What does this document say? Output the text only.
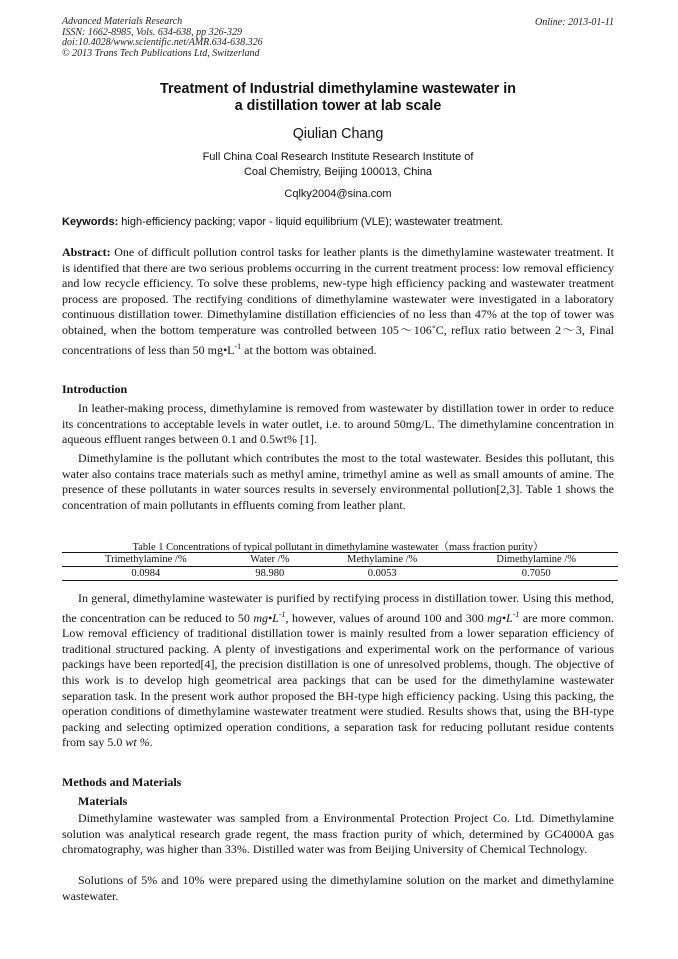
Advanced Materials Research
ISSN: 1662-8985, Vols. 634-638, pp 326-329
doi:10.4028/www.scientific.net/AMR.634-638.326
© 2013 Trans Tech Publications Ltd, Switzerland
Online: 2013-01-11
Treatment of Industrial dimethylamine wastewater in
a distillation tower at lab scale
Qiulian Chang
Full China Coal Research Institute Research Institute of
Coal Chemistry, Beijing 100013, China
Cqlky2004@sina.com
Keywords: high-efficiency packing; vapor - liquid equilibrium (VLE); wastewater treatment.
Abstract: One of difficult pollution control tasks for leather plants is the dimethylamine wastewater treatment. It is identified that there are two serious problems occurring in the current treatment process: low removal efficiency and low recycle efficiency. To solve these problems, new-type high efficiency packing and wastewater treatment process are proposed. The rectifying conditions of dimethylamine wastewater were investigated in a laboratory continuous distillation tower. Dimethylamine distillation efficiencies of no less than 47% at the top of tower was obtained, when the bottom temperature was controlled between 105～106˚C, reflux ratio between 2～3, Final concentrations of less than 50 $mg•L^{-1}$ at the bottom was obtained.
Introduction
In leather-making process, dimethylamine is removed from wastewater by distillation tower in order to reduce its concentrations to acceptable levels in water outlet, i.e. to around 50mg/L. The dimethylamine concentration in aqueous effluent ranges between 0.1 and 0.5wt% [1].
Dimethylamine is the pollutant which contributes the most to the total wastewater. Besides this pollutant, this water also contains trace materials such as methyl amine, trimethyl amine as well as small amounts of amine. The presence of these pollutants in water sources results in seversely environmental pollution[2,3]. Table 1 shows the concentration of main pollutants in effluents coming from leather plant.
Table 1 Concentrations of typical pollutant in dimethylamine wastewater（mass fraction purity）
Trimethylamine /%	Water /%	Methylamine /%	Dimethylamine /%
0.0984	98.980	0.0053	0.7050
In general, dimethylamine wastewater is purified by rectifying process in distillation tower. Using this method, the concentration can be reduced to 50 $mg•L^{-1}$, however, values of around 100 and 300 $mg•L^{-1}$ are more common. Low removal efficiency of traditional distillation tower is mainly resulted from a lower separation efficiency of traditional structured packing. A plenty of investigations and experimental work on the performance of various packings have been reported[4], the precision distillation is one of unresolved problems, though. The objective of this work is to develop high geometrical area packings that can be used for the dimethylamine wastewater separation task. In the present work author proposed the BH-type high efficiency packing. Using this packing, the operation conditions of dimethylamine wastewater treatment were studied. Results shows that, using the BH-type packing and selecting optimized operation conditions, a separation task for reducing pollutant residue contents from say 5.0 wt %.
Methods and Materials
Materials
Dimethylamine wastewater was sampled from a Environmental Protection Project Co. Ltd. Dimethylamine solution was analytical research grade regent, the mass fraction purity of which, determined by GC4000A gas chromatography, was higher than 33%. Distilled water was from Beijing University of Chemical Technology.
Solutions of 5% and 10% were prepared using the dimethylamine solution on the market and dimethylamine wastewater.
